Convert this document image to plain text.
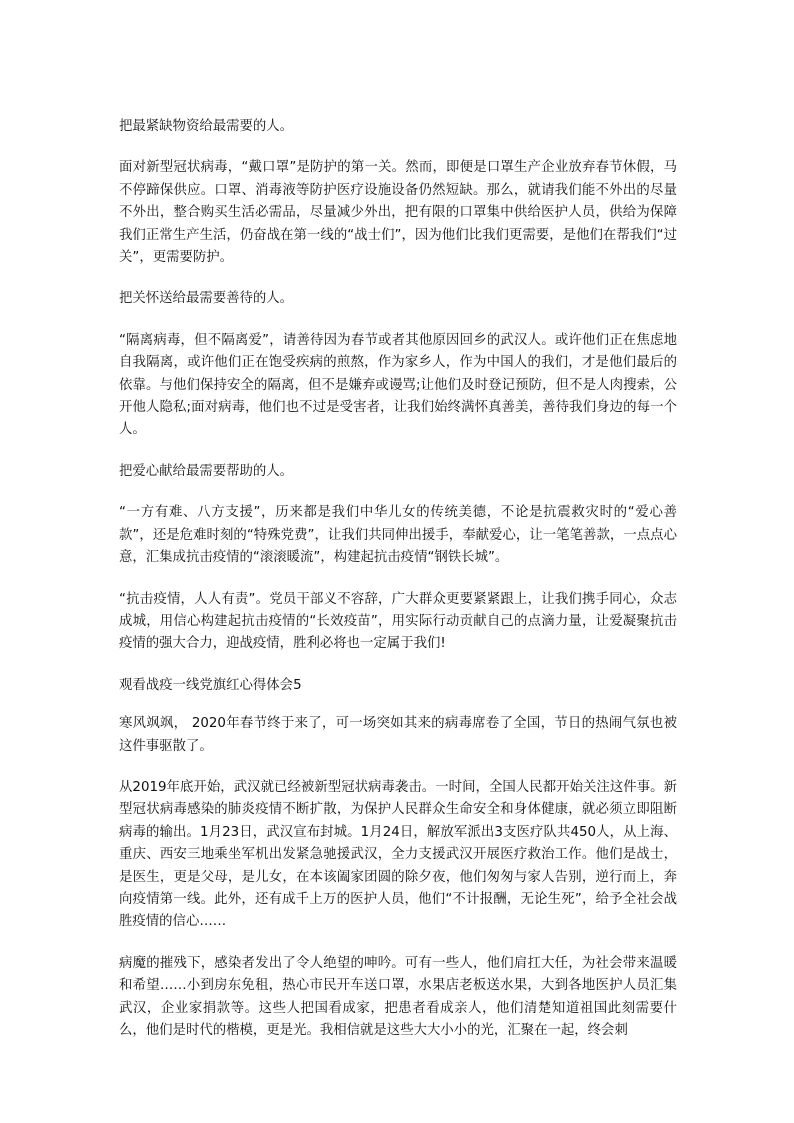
把最紧缺物资给最需要的人。

面对新型冠状病毒，“戴口罩”是防护的第一关。然而，即便是口罩生产企业放弃春节休假，马不停蹄保供应。口罩、消毒液等防护医疗设施设备仍然短缺。那么，就请我们能不外出的尽量不外出，整合购买生活必需品，尽量减少外出，把有限的口罩集中供给医护人员，供给为保障我们正常生产生活，仍奋战在第一线的“战士们”，因为他们比我们更需要，是他们在帮我们“过关”，更需要防护。

把关怀送给最需要善待的人。

“隔离病毒，但不隔离爱”，请善待因为春节或者其他原因回乡的武汉人。或许他们正在焦虑地自我隔离，或许他们正在饱受疾病的煎熬，作为家乡人，作为中国人的我们，才是他们最后的依靠。与他们保持安全的隔离，但不是嫌弃或谩骂;让他们及时登记预防，但不是人肉搜索，公开他人隐私;面对病毒，他们也不过是受害者，让我们始终满怀真善美，善待我们身边的每一个人。

把爱心献给最需要帮助的人。

“一方有难、八方支援”，历来都是我们中华儿女的传统美德，不论是抗震救灾时的“爱心善款”，还是危难时刻的“特殊党费”，让我们共同伸出援手，奉献爱心，让一笔笔善款，一点点心意，汇集成抗击疫情的“滚滚暖流”，构建起抗击疫情“钢铁长城”。

“抗击疫情，人人有责”。党员干部义不容辞，广大群众更要紧紧跟上，让我们携手同心，众志成城，用信心构建起抗击疫情的“长效疫苗”，用实际行动贡献自己的点滴力量，让爱凝聚抗击疫情的强大合力，迎战疫情，胜利必将也一定属于我们!

观看战疫一线党旗红心得体会5

寒风飒飒， 2020年春节终于来了，可一场突如其来的病毒席卷了全国，节日的热闹气氛也被这件事驱散了。

从2019年底开始，武汉就已经被新型冠状病毒袭击。一时间，全国人民都开始关注这件事。新型冠状病毒感染的肺炎疫情不断扩散，为保护人民群众生命安全和身体健康，就必须立即阻断病毒的输出。1月23日，武汉宣布封城。1月24日，解放军派出3支医疗队共450人，从上海、重庆、西安三地乘坐军机出发紧急驰援武汉，全力支援武汉开展医疗救治工作。他们是战士，是医生，更是父母，是儿女，在本该阖家团圆的除夕夜，他们匆匆与家人告别，逆行而上，奔向疫情第一线。此外，还有成千上万的医护人员，他们“不计报酬，无论生死”，给予全社会战胜疫情的信心……

病魔的摧残下，感染者发出了令人绝望的呻吟。可有一些人，他们肩扛大任，为社会带来温暖和希望……小到房东免租，热心市民开车送口罩，水果店老板送水果，大到各地医护人员汇集武汉，企业家捐款等。这些人把国看成家，把患者看成亲人，他们清楚知道祖国此刻需要什么，他们是时代的楷模，更是光。我相信就是这些大大小小的光，汇聚在一起，终会刺
